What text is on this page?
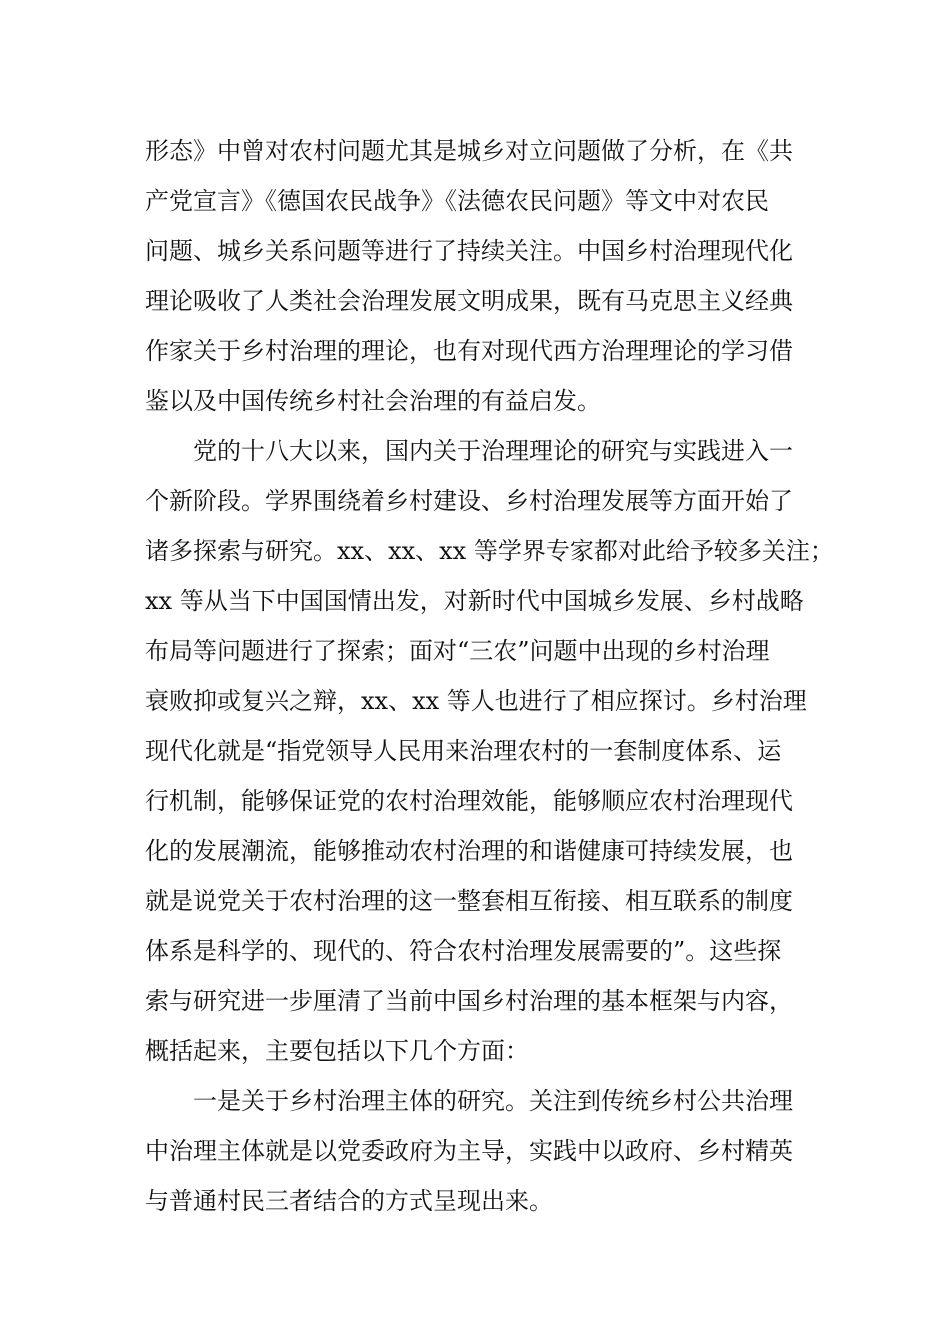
形态》中曾对农村问题尤其是城乡对立问题做了分析，在《共
产党宣言》《德国农民战争》《法德农民问题》等文中对农民
问题、城乡关系问题等进行了持续关注。中国乡村治理现代化
理论吸收了人类社会治理发展文明成果，既有马克思主义经典
作家关于乡村治理的理论，也有对现代西方治理理论的学习借
鉴以及中国传统乡村社会治理的有益启发。
党的十八大以来，国内关于治理理论的研究与实践进入一
个新阶段。学界围绕着乡村建设、乡村治理发展等方面开始了
诸多探索与研究。xx、xx、xx 等学界专家都对此给予较多关注；
xx 等从当下中国国情出发，对新时代中国城乡发展、乡村战略
布局等问题进行了探索；面对“三农”问题中出现的乡村治理
衰败抑或复兴之辩，xx、xx 等人也进行了相应探讨。乡村治理
现代化就是“指党领导人民用来治理农村的一套制度体系、运
行机制，能够保证党的农村治理效能，能够顺应农村治理现代
化的发展潮流，能够推动农村治理的和谐健康可持续发展，也
就是说党关于农村治理的这一整套相互衔接、相互联系的制度
体系是科学的、现代的、符合农村治理发展需要的”。这些探
索与研究进一步厘清了当前中国乡村治理的基本框架与内容，
概括起来，主要包括以下几个方面：
一是关于乡村治理主体的研究。关注到传统乡村公共治理
中治理主体就是以党委政府为主导，实践中以政府、乡村精英
与普通村民三者结合的方式呈现出来。
